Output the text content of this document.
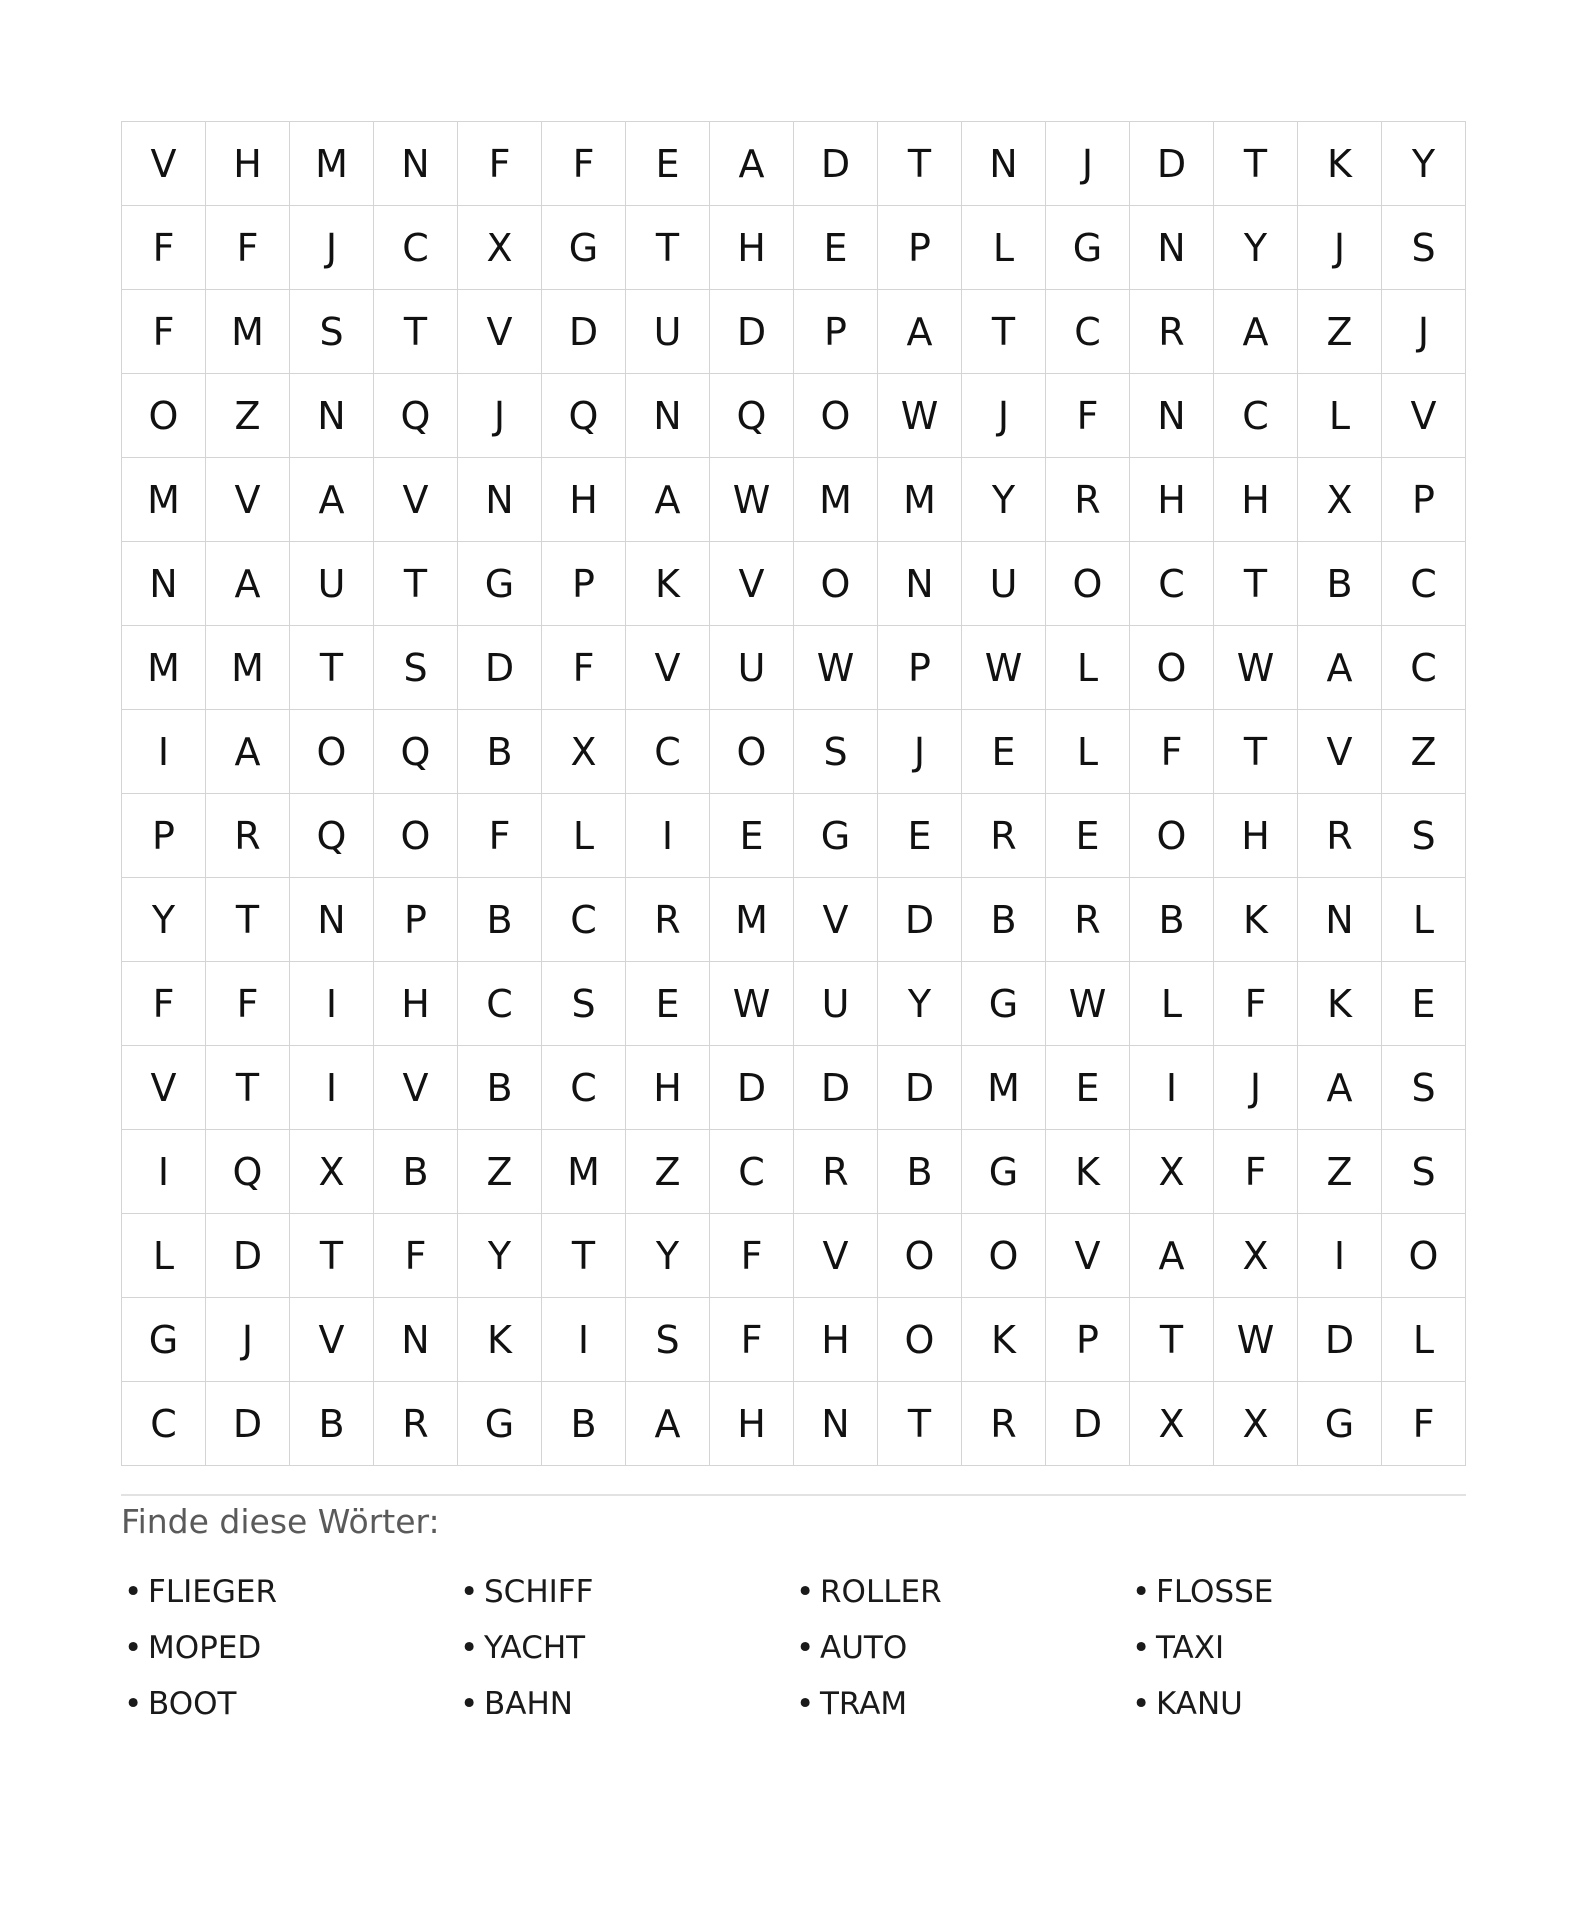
V	H	M	N	F	F	E	A	D	T	N	J	D	T	K	Y
F	F	J	C	X	G	T	H	E	P	L	G	N	Y	J	S
F	M	S	T	V	D	U	D	P	A	T	C	R	A	Z	J
O	Z	N	Q	J	Q	N	Q	O	W	J	F	N	C	L	V
M	V	A	V	N	H	A	W	M	M	Y	R	H	H	X	P
N	A	U	T	G	P	K	V	O	N	U	O	C	T	B	C
M	M	T	S	D	F	V	U	W	P	W	L	O	W	A	C
I	A	O	Q	B	X	C	O	S	J	E	L	F	T	V	Z
P	R	Q	O	F	L	I	E	G	E	R	E	O	H	R	S
Y	T	N	P	B	C	R	M	V	D	B	R	B	K	N	L
F	F	I	H	C	S	E	W	U	Y	G	W	L	F	K	E
V	T	I	V	B	C	H	D	D	D	M	E	I	J	A	S
I	Q	X	B	Z	M	Z	C	R	B	G	K	X	F	Z	S
L	D	T	F	Y	T	Y	F	V	O	O	V	A	X	I	O
G	J	V	N	K	I	S	F	H	O	K	P	T	W	D	L
C	D	B	R	G	B	A	H	N	T	R	D	X	X	G	F
Finde diese Wörter:
• FLIEGER	• SCHIFF	• ROLLER	• FLOSSE
• MOPED	• YACHT	• AUTO	• TAXI
• BOOT	• BAHN	• TRAM	• KANU
